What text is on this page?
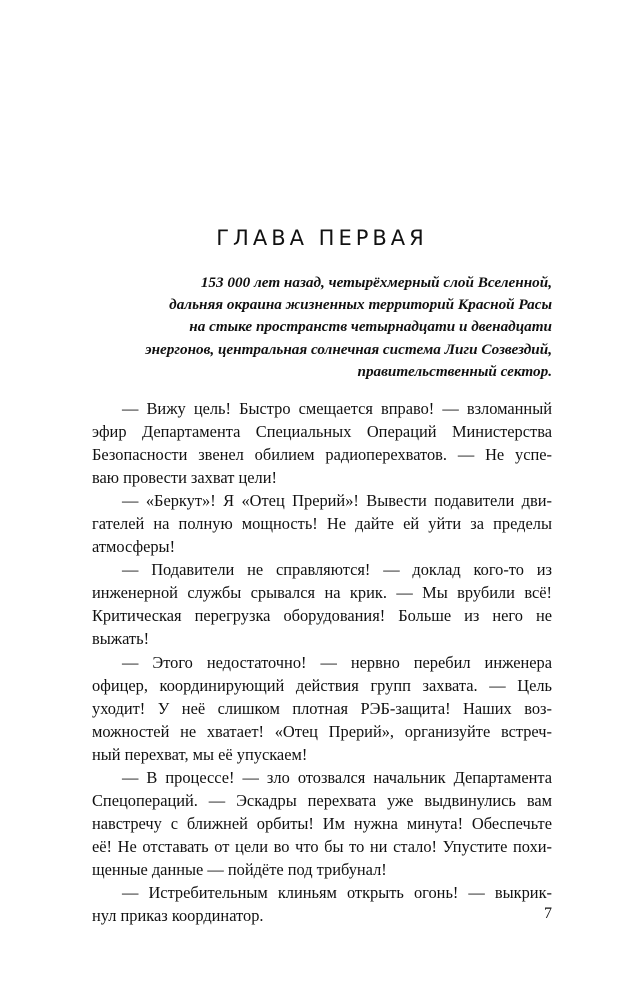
ГЛАВА ПЕРВАЯ
153 000 лет назад, четырёхмерный слой Вселенной,
дальняя окраина жизненных территорий Красной Расы
на стыке пространств четырнадцати и двенадцати
энергонов, центральная солнечная система Лиги Созвездий,
правительственный сектор.
— Вижу цель! Быстро смещается вправо! — взломанный
эфир Департамента Специальных Операций Министерства
Безопасности звенел обилием радиоперехватов. — Не успе-
ваю провести захват цели!
— «Беркут»! Я «Отец Прерий»! Вывести подавители дви-
гателей на полную мощность! Не дайте ей уйти за пределы
атмосферы!
— Подавители не справляются! — доклад кого-то из
инженерной службы срывался на крик. — Мы врубили всё!
Критическая перегрузка оборудования! Больше из него не
выжать!
— Этого недостаточно! — нервно перебил инженера
офицер, координирующий действия групп захвата. — Цель
уходит! У неё слишком плотная РЭБ-защита! Наших воз-
можностей не хватает! «Отец Прерий», организуйте встреч-
ный перехват, мы её упускаем!
— В процессе! — зло отозвался начальник Департамента
Спецопераций. — Эскадры перехвата уже выдвинулись вам
навстречу с ближней орбиты! Им нужна минута! Обеспечьте
её! Не отставать от цели во что бы то ни стало! Упустите похи-
щенные данные — пойдёте под трибунал!
— Истребительным клиньям открыть огонь! — выкрик-
нул приказ координатор.	7
